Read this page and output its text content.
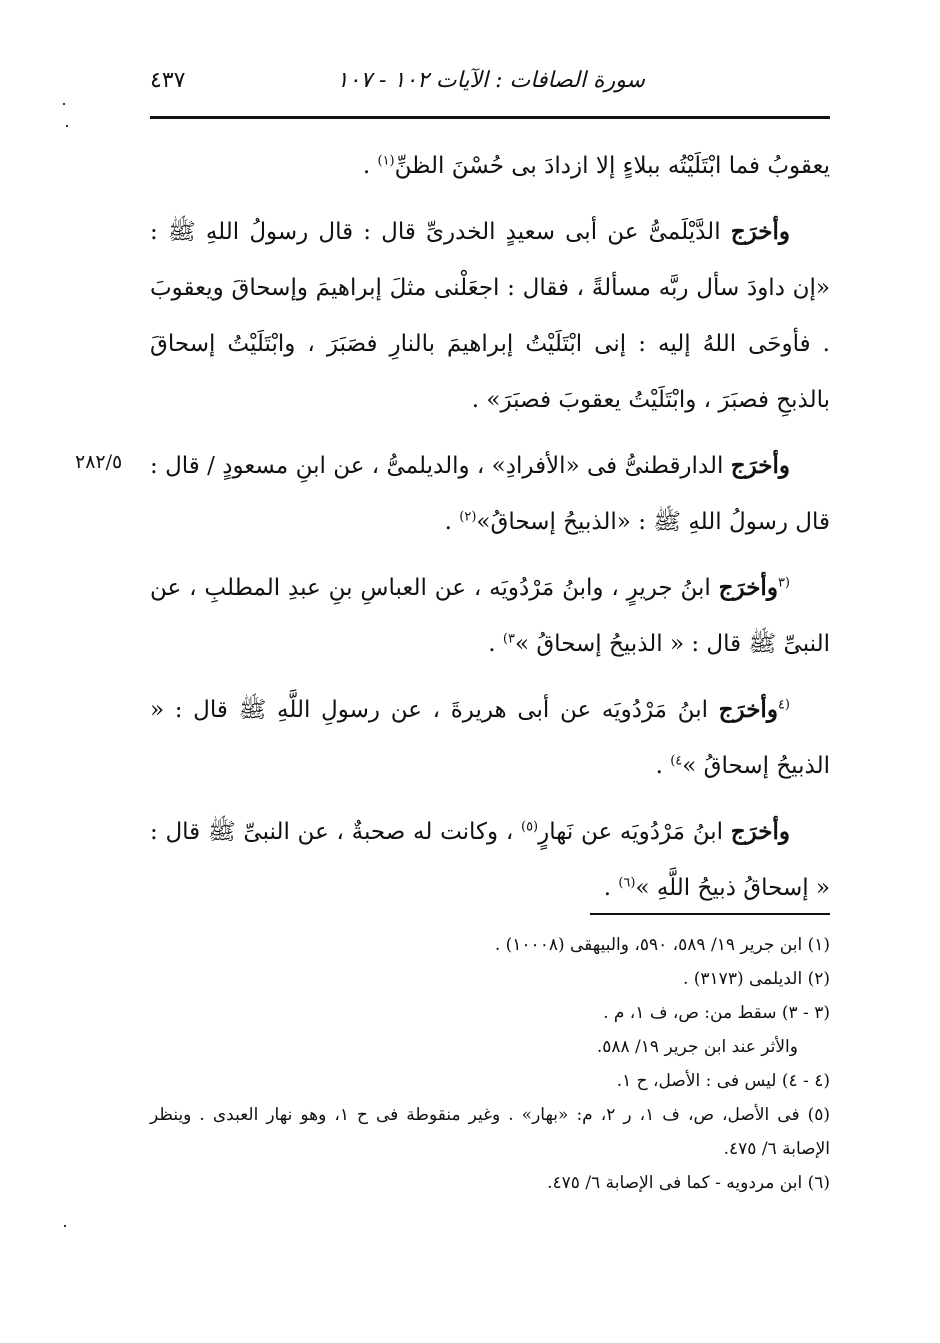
سورة الصافات : الآيات ١٠٢ - ١٠٧
٤٣٧
٢٨٢/٥

يعقوبُ فما ابْتَلَيْتُه ببلاءٍ إلا ازدادَ بى حُسْنَ الظنِّ$^{(١)}$ .

وأخرَج الدَّيْلَمىُّ عن أبى سعيدٍ الخدرىِّ قال : قال رسولُ اللهِ ﷺ : «إن داودَ سأل ربَّه مسألةً ، فقال : اجعَلْنى مثلَ إبراهيمَ وإسحاقَ ويعقوبَ . فأوحَى اللهُ إليه : إنى ابْتَلَيْتُ إبراهيمَ بالنارِ فصَبَرَ ، وابْتَلَيْتُ إسحاقَ بالذبحِ فصبَرَ ، وابْتَلَيْتُ يعقوبَ فصبَرَ» .

وأخرَج الدارقطنىُّ فى «الأفرادِ» ، والديلمىُّ ، عن ابنِ مسعودٍ / قال : قال رسولُ اللهِ ﷺ : «الذبيحُ إسحاقُ»$^{(٢)}$ .

$^{(٣}$وأخرَج ابنُ جريرٍ ، وابنُ مَرْدُويَه ، عن العباسِ بنِ عبدِ المطلبِ ، عن النبىِّ ﷺ قال : « الذبيحُ إسحاقُ »$^{٣)}$ .

$^{(٤}$وأخرَج ابنُ مَرْدُويَه عن أبى هريرةَ ، عن رسولِ اللَّهِ ﷺ قال : « الذبيحُ إسحاقُ »$^{٤)}$ .

وأخرَج ابنُ مَرْدُويَه عن نَهارٍ$^{(٥)}$ ، وكانت له صحبةٌ ، عن النبىِّ ﷺ قال : « إسحاقُ ذبيحُ اللَّهِ »$^{(٦)}$ .

(١) ابن جرير ١٩/ ٥٨٩، ٥٩٠، والبيهقى (١٠٠٠٨) .

(٢) الديلمى (٣١٧٣) .

(٣ - ٣) سقط من: ص، ف ١، م .

والأثر عند ابن جرير ١٩/ ٥٨٨.

(٤ - ٤) ليس فى : الأصل، ح ١.

(٥) فى الأصل، ص، ف ١، ر ٢، م: «بهار» . وغير منقوطة فى ح ١، وهو نهار العبدى . وينظر الإصابة ٦/ ٤٧٥.

(٦) ابن مردويه - كما فى الإصابة ٦/ ٤٧٥.
